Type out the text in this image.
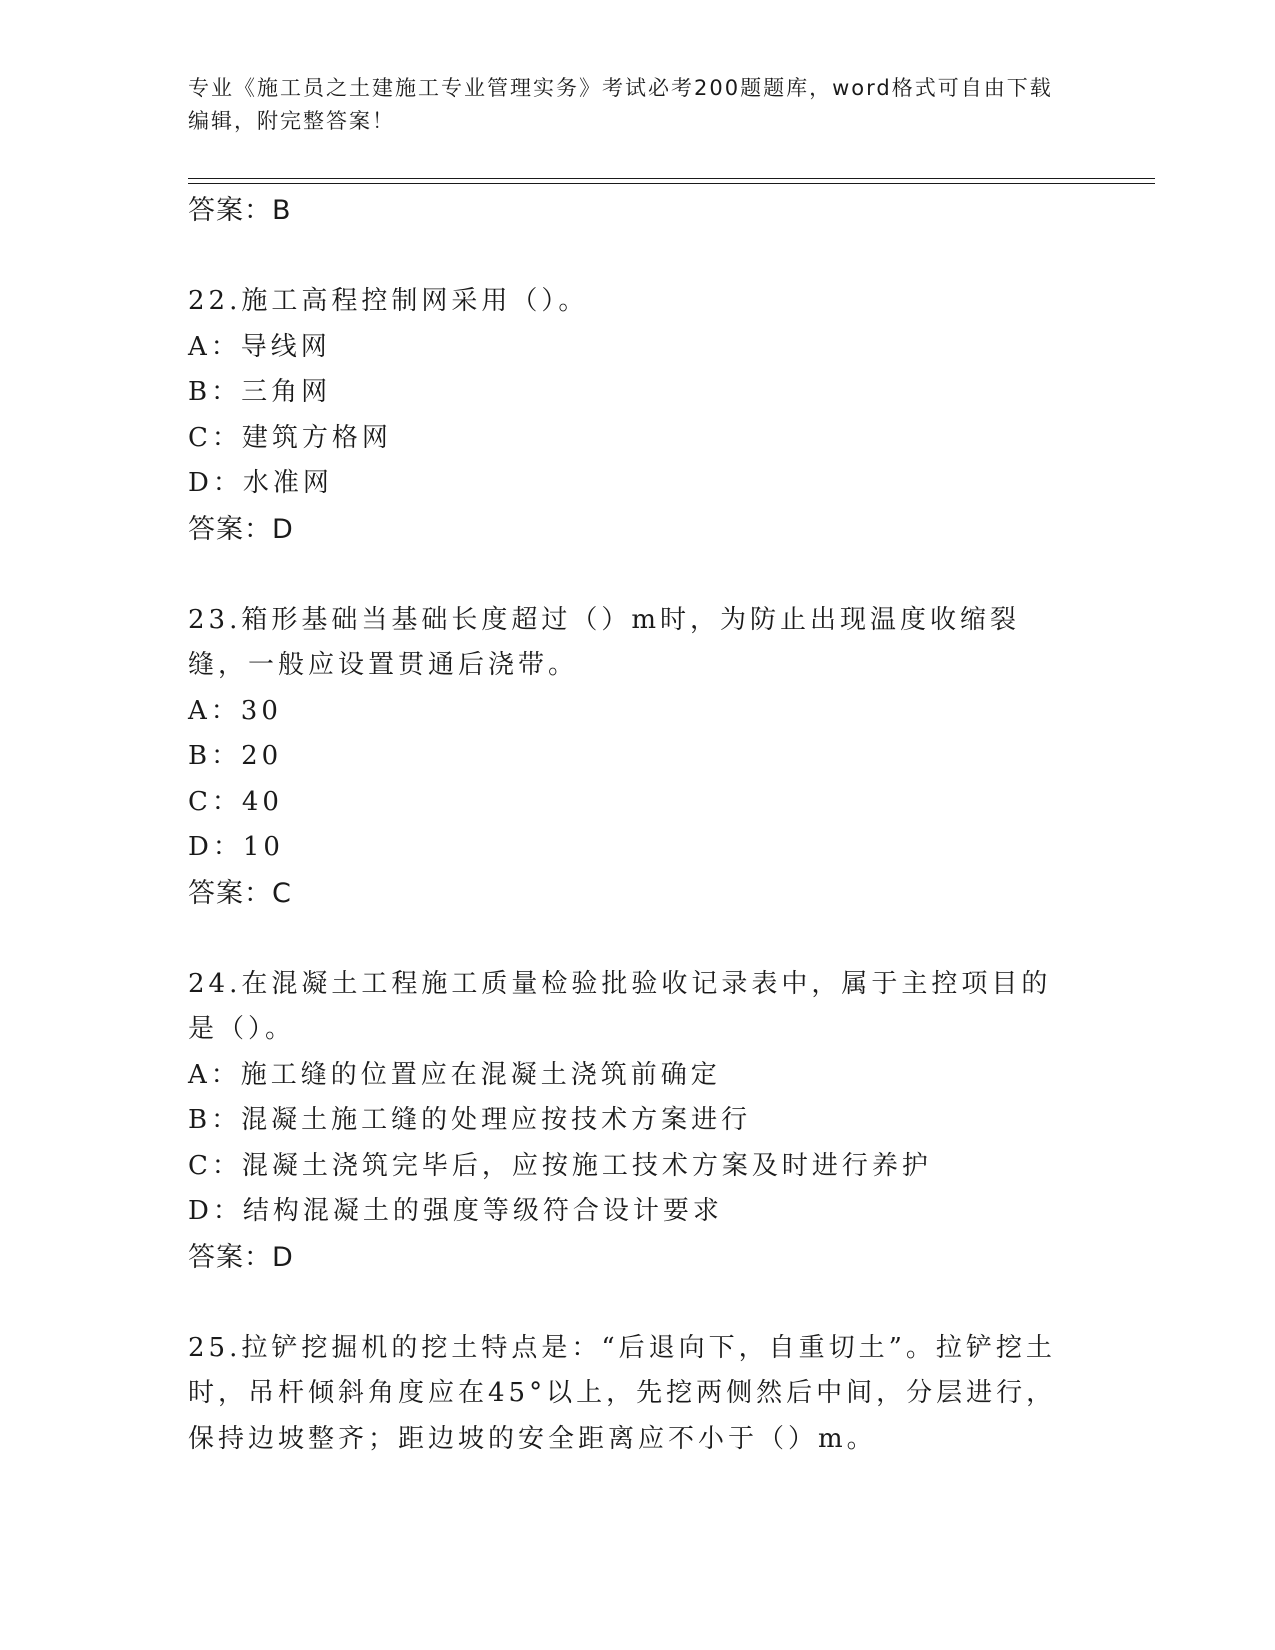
专业《施工员之土建施工专业管理实务》考试必考200题题库，word格式可自由下载编辑，附完整答案！
答案：B
22.施工高程控制网采用（）。
A：导线网
B：三角网
C：建筑方格网
D：水准网
答案：D
23.箱形基础当基础长度超过（）m时，为防止出现温度收缩裂缝，一般应设置贯通后浇带。
A：30
B：20
C：40
D：10
答案：C
24.在混凝土工程施工质量检验批验收记录表中，属于主控项目的是（）。
A：施工缝的位置应在混凝土浇筑前确定
B：混凝土施工缝的处理应按技术方案进行
C：混凝土浇筑完毕后，应按施工技术方案及时进行养护
D：结构混凝土的强度等级符合设计要求
答案：D
25.拉铲挖掘机的挖土特点是：“后退向下，自重切土”。拉铲挖土时，吊杆倾斜角度应在45°以上，先挖两侧然后中间，分层进行，保持边坡整齐；距边坡的安全距离应不小于（）m。
